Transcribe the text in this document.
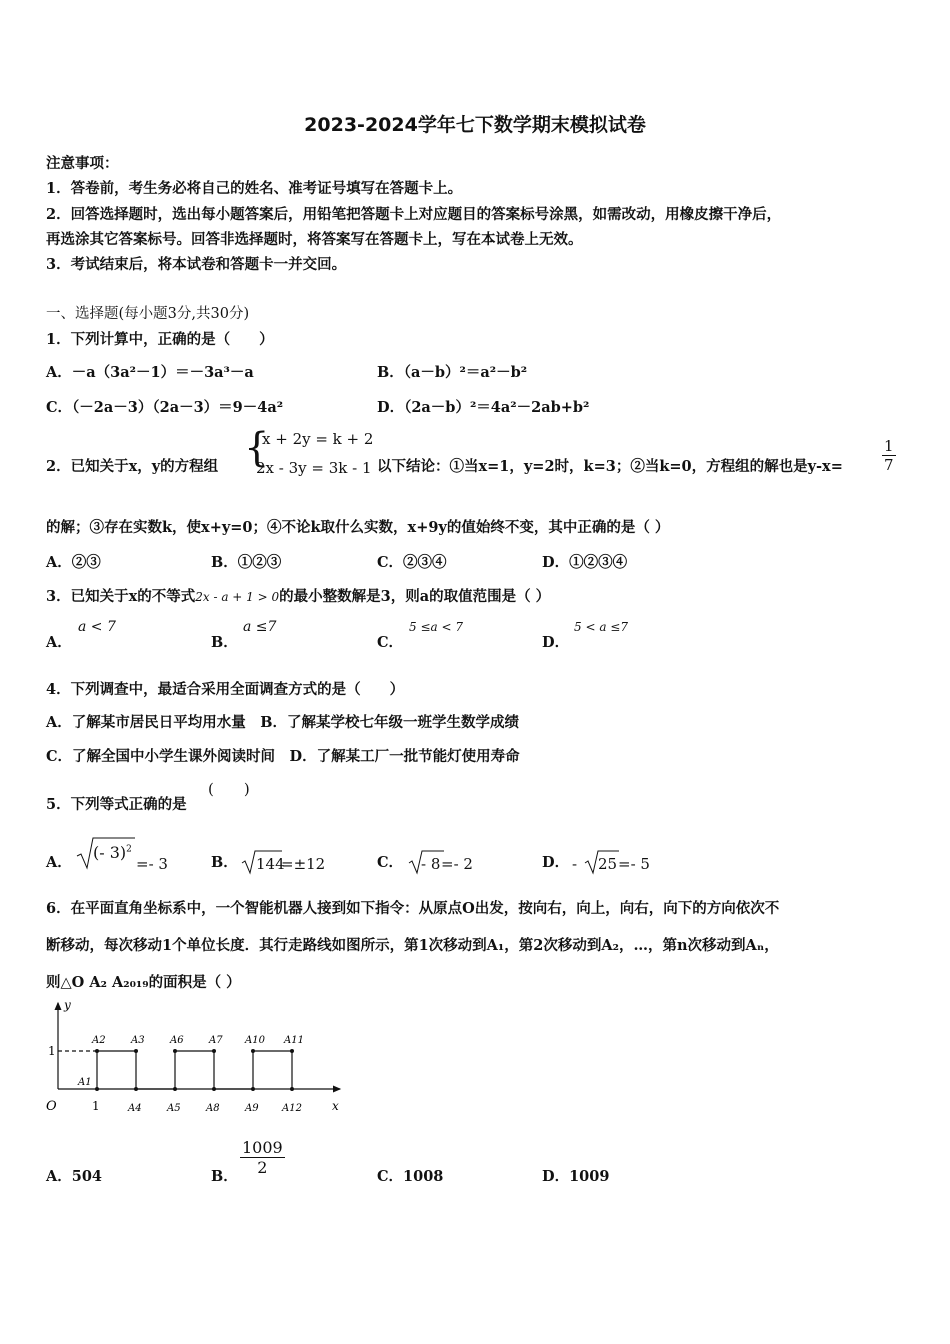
2023-2024学年七下数学期末模拟试卷
注意事项：
1．答卷前，考生务必将自己的姓名、准考证号填写在答题卡上。
2．回答选择题时，选出每小题答案后，用铅笔把答题卡上对应题目的答案标号涂黑，如需改动，用橡皮擦干净后，
再选涂其它答案标号。回答非选择题时，将答案写在答题卡上，写在本试卷上无效。
3．考试结束后，将本试卷和答题卡一并交回。
一、选择题(每小题3分,共30分)
1．下列计算中，正确的是（　　）
A．－a（3a²－1）＝－3a³－a	B．（a－b）²＝a²－b²
C．（－2a－3）（2a－3）＝9－4a²	D．（2a－b）²＝4a²－2ab+b²
2．已知关于x，y的方程组 {
x + 2y = k + 2
2x - 3y = 3k - 1 以下结论：①当x=1，y=2时，k=3；②当k=0，方程组的解也是y-x=	$\frac{1}{7}$
的解；③存在实数k，使x+y=0；④不论k取什么实数，x+9y的值始终不变，其中正确的是（ ）
A．②③	B．①②③	C．②③④	D．①②③④
3．已知关于x的不等式2x - a + 1 > 0的最小整数解是3，则a的取值范围是（ ）
A．
a < 7
B．
a ≤7
C．
5 ≤a < 7
D．
5 < a ≤7
4．下列调查中，最适合采用全面调查方式的是（　　）
A．了解某市居民日平均用水量　B．了解某学校七年级一班学生数学成绩
C．了解全国中小学生课外阅读时间　D．了解某工厂一批节能灯使用寿命
5．下列等式正确的是
(　　)
A．
(- 3)$^2$
=- 3	B． 144
=±12	C． - 8 =- 2	D． - 25 =- 5
6．在平面直角坐标系中，一个智能机器人接到如下指令：从原点O出发，按向右，向上，向右，向下的方向依次不
断移动，每次移动1个单位长度．其行走路线如图所示，第1次移动到A₁，第2次移动到A₂，…，第n次移动到Aₙ，
则△O A₂ A₂₀₁₉的面积是（ ）
y
x
O	1
1
A2	A3	A6	A7 A10 A11
A1
A4	A5	A8	A9 A12
A．504	B． $\frac{1009}{2}$	C．1008	D．1009
